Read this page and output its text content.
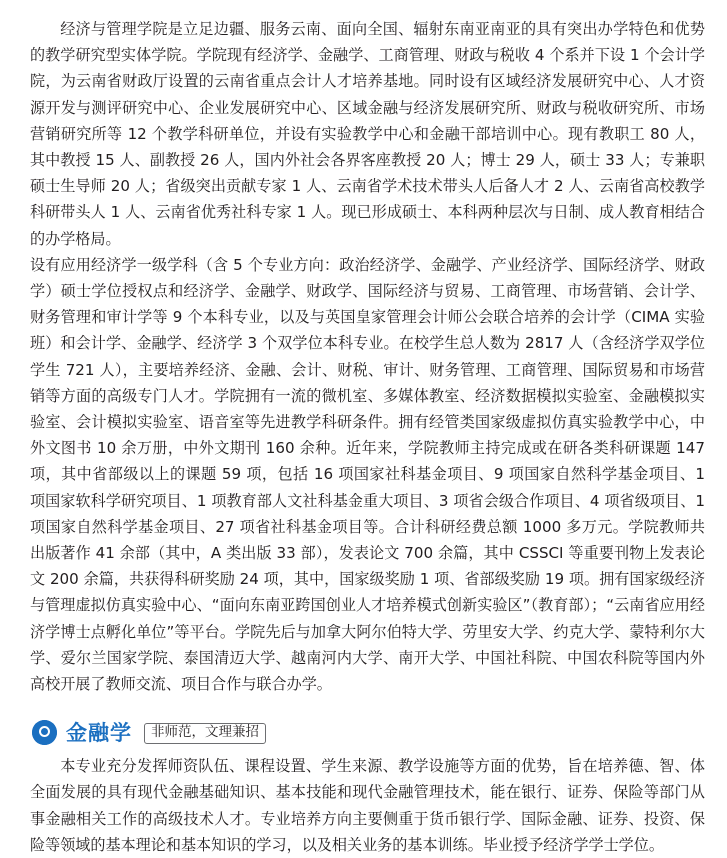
经济与管理学院是立足边疆、服务云南、面向全国、辐射东南亚南亚的具有突出办学特色和优势的教学研究型实体学院。学院现有经济学、金融学、工商管理、财政与税收 4 个系并下设 1 个会计学院，为云南省财政厅设置的云南省重点会计人才培养基地。同时设有区域经济发展研究中心、人才资源开发与测评研究中心、企业发展研究中心、区域金融与经济发展研究所、财政与税收研究所、市场营销研究所等 12 个教学科研单位，并设有实验教学中心和金融干部培训中心。现有教职工 80 人，其中教授 15 人、副教授 26 人，国内外社会各界客座教授 20 人；博士 29 人，硕士 33 人；专兼职硕士生导师 20 人；省级突出贡献专家 1 人、云南省学术技术带头人后备人才 2 人、云南省高校教学科研带头人 1 人、云南省优秀社科专家 1 人。现已形成硕士、本科两种层次与日制、成人教育相结合的办学格局。

设有应用经济学一级学科（含 5 个专业方向：政治经济学、金融学、产业经济学、国际经济学、财政学）硕士学位授权点和经济学、金融学、财政学、国际经济与贸易、工商管理、市场营销、会计学、财务管理和审计学等 9 个本科专业，以及与英国皇家管理会计师公会联合培养的会计学（CIMA 实验班）和会计学、金融学、经济学 3 个双学位本科专业。在校学生总人数为 2817 人（含经济学双学位学生 721 人），主要培养经济、金融、会计、财税、审计、财务管理、工商管理、国际贸易和市场营销等方面的高级专门人才。学院拥有一流的微机室、多媒体教室、经济数据模拟实验室、金融模拟实验室、会计模拟实验室、语音室等先进教学科研条件。拥有经管类国家级虚拟仿真实验教学中心，中外文图书 10 余万册，中外文期刊 160 余种。近年来，学院教师主持完成或在研各类科研课题 147 项，其中省部级以上的课题 59 项，包括 16 项国家社科基金项目、9 项国家自然科学基金项目、1 项国家软科学研究项目、1 项教育部人文社科基金重大项目、3 项省会级合作项目、4 项省级项目、1 项国家自然科学基金项目、27 项省社科基金项目等。合计科研经费总额 1000 多万元。学院教师共出版著作 41 余部（其中，A 类出版 33 部），发表论文 700 余篇，其中 CSSCI 等重要刊物上发表论文 200 余篇，共获得科研奖励 24 项，其中，国家级奖励 1 项、省部级奖励 19 项。拥有国家级经济与管理虚拟仿真实验中心、“面向东南亚跨国创业人才培养模式创新实验区”（教育部）；“云南省应用经济学博士点孵化单位”等平台。学院先后与加拿大阿尔伯特大学、劳里安大学、约克大学、蒙特利尔大学、爱尔兰国家学院、泰国清迈大学、越南河内大学、南开大学、中国社科院、中国农科院等国内外高校开展了教师交流、项目合作与联合办学。

金融学	非师范，文理兼招

本专业充分发挥师资队伍、课程设置、学生来源、教学设施等方面的优势，旨在培养德、智、体全面发展的具有现代金融基础知识、基本技能和现代金融管理技术，能在银行、证券、保险等部门从事金融相关工作的高级技术人才。专业培养方向主要侧重于货币银行学、国际金融、证券、投资、保险等领域的基本理论和基本知识的学习，以及相关业务的基本训练。毕业授予经济学学士学位。
